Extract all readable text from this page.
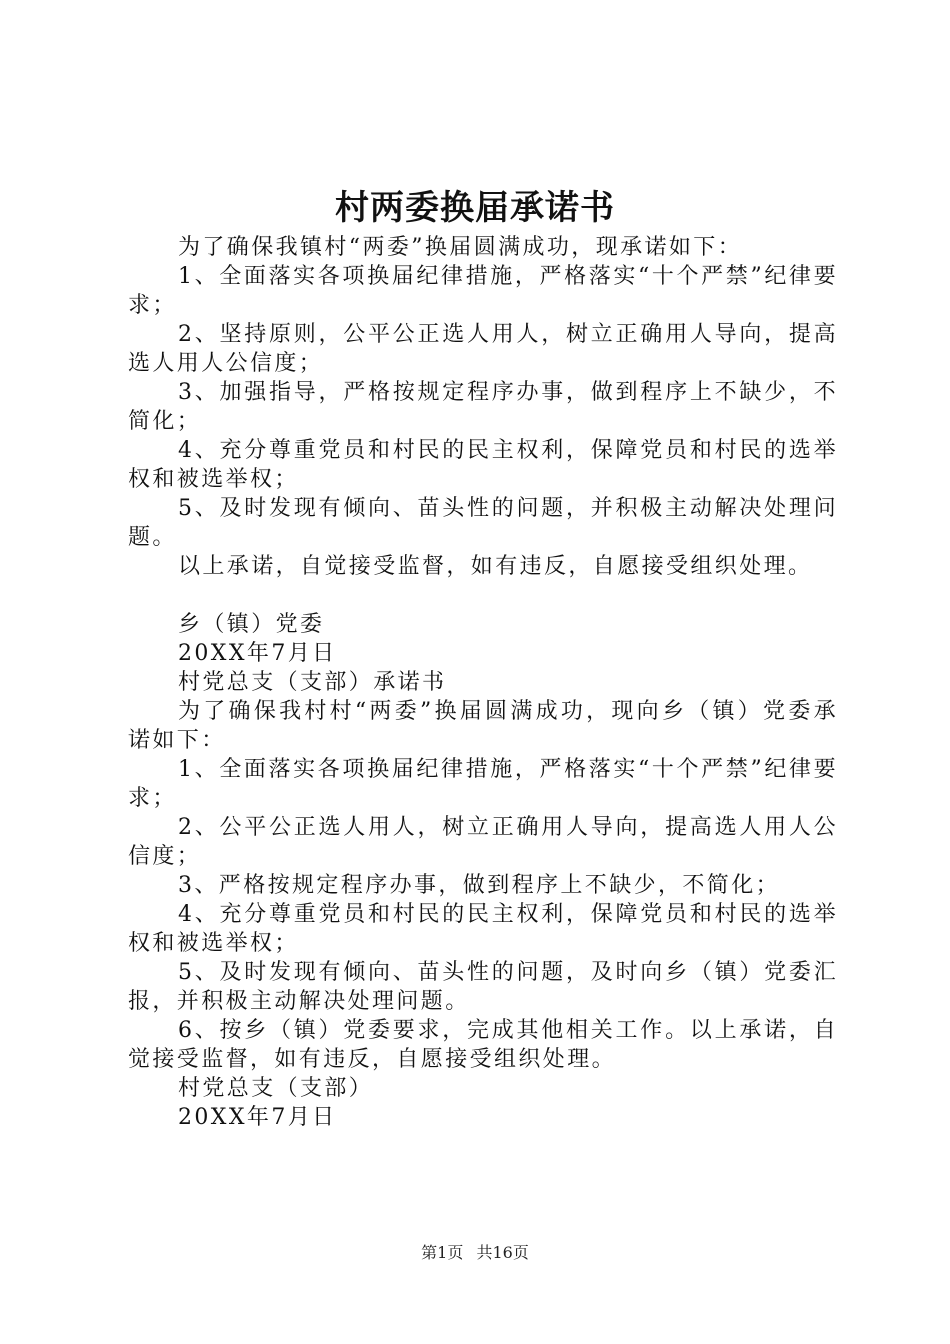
村两委换届承诺书

为了确保我镇村“两委”换届圆满成功，现承诺如下：

1、全面落实各项换届纪律措施，严格落实“十个严禁”纪律要求；

2、坚持原则，公平公正选人用人，树立正确用人导向，提高选人用人公信度；

3、加强指导，严格按规定程序办事，做到程序上不缺少，不简化；

4、充分尊重党员和村民的民主权利，保障党员和村民的选举权和被选举权；

5、及时发现有倾向、苗头性的问题，并积极主动解决处理问题。

以上承诺，自觉接受监督，如有违反，自愿接受组织处理。

乡（镇）党委

20XX年7月日

村党总支（支部）承诺书

为了确保我村村“两委”换届圆满成功，现向乡（镇）党委承诺如下：

1、全面落实各项换届纪律措施，严格落实“十个严禁”纪律要求；

2、公平公正选人用人，树立正确用人导向，提高选人用人公信度；

3、严格按规定程序办事，做到程序上不缺少，不简化；

4、充分尊重党员和村民的民主权利，保障党员和村民的选举权和被选举权；

5、及时发现有倾向、苗头性的问题，及时向乡（镇）党委汇报，并积极主动解决处理问题。

6、按乡（镇）党委要求，完成其他相关工作。以上承诺，自觉接受监督，如有违反，自愿接受组织处理。

村党总支（支部）

20XX年7月日

第1页 共16页
